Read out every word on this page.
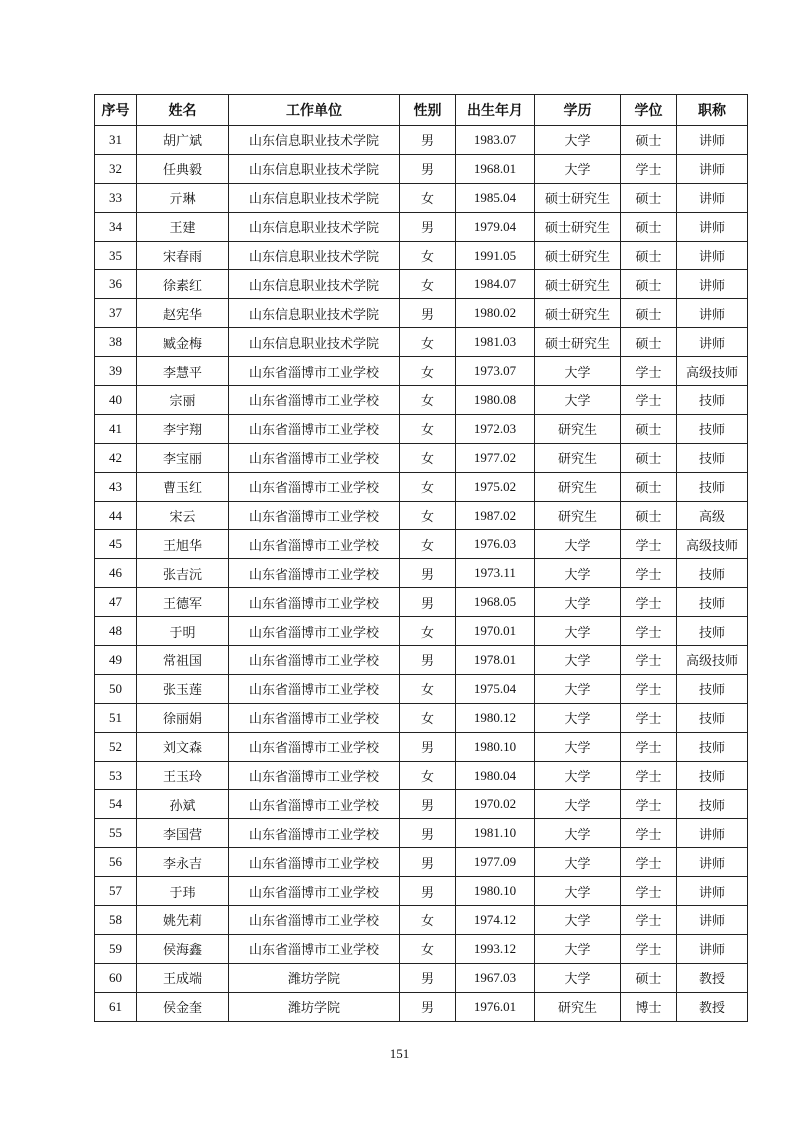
序号	姓名	工作单位	性别	出生年月	学历	学位	职称
31	胡广斌	山东信息职业技术学院	男	1983.07	大学	硕士	讲师
32	任典毅	山东信息职业技术学院	男	1968.01	大学	学士	讲师
33	亓琳	山东信息职业技术学院	女	1985.04	硕士研究生	硕士	讲师
34	王建	山东信息职业技术学院	男	1979.04	硕士研究生	硕士	讲师
35	宋春雨	山东信息职业技术学院	女	1991.05	硕士研究生	硕士	讲师
36	徐素红	山东信息职业技术学院	女	1984.07	硕士研究生	硕士	讲师
37	赵宪华	山东信息职业技术学院	男	1980.02	硕士研究生	硕士	讲师
38	臧金梅	山东信息职业技术学院	女	1981.03	硕士研究生	硕士	讲师
39	李慧平	山东省淄博市工业学校	女	1973.07	大学	学士	高级技师
40	宗丽	山东省淄博市工业学校	女	1980.08	大学	学士	技师
41	李宇翔	山东省淄博市工业学校	女	1972.03	研究生	硕士	技师
42	李宝丽	山东省淄博市工业学校	女	1977.02	研究生	硕士	技师
43	曹玉红	山东省淄博市工业学校	女	1975.02	研究生	硕士	技师
44	宋云	山东省淄博市工业学校	女	1987.02	研究生	硕士	高级
45	王旭华	山东省淄博市工业学校	女	1976.03	大学	学士	高级技师
46	张吉沅	山东省淄博市工业学校	男	1973.11	大学	学士	技师
47	王德军	山东省淄博市工业学校	男	1968.05	大学	学士	技师
48	于明	山东省淄博市工业学校	女	1970.01	大学	学士	技师
49	常祖国	山东省淄博市工业学校	男	1978.01	大学	学士	高级技师
50	张玉莲	山东省淄博市工业学校	女	1975.04	大学	学士	技师
51	徐丽娟	山东省淄博市工业学校	女	1980.12	大学	学士	技师
52	刘文森	山东省淄博市工业学校	男	1980.10	大学	学士	技师
53	王玉玲	山东省淄博市工业学校	女	1980.04	大学	学士	技师
54	孙斌	山东省淄博市工业学校	男	1970.02	大学	学士	技师
55	李国营	山东省淄博市工业学校	男	1981.10	大学	学士	讲师
56	李永吉	山东省淄博市工业学校	男	1977.09	大学	学士	讲师
57	于玮	山东省淄博市工业学校	男	1980.10	大学	学士	讲师
58	姚先莉	山东省淄博市工业学校	女	1974.12	大学	学士	讲师
59	侯海鑫	山东省淄博市工业学校	女	1993.12	大学	学士	讲师
60	王成端	潍坊学院	男	1967.03	大学	硕士	教授
61	侯金奎	潍坊学院	男	1976.01	研究生	博士	教授
151
